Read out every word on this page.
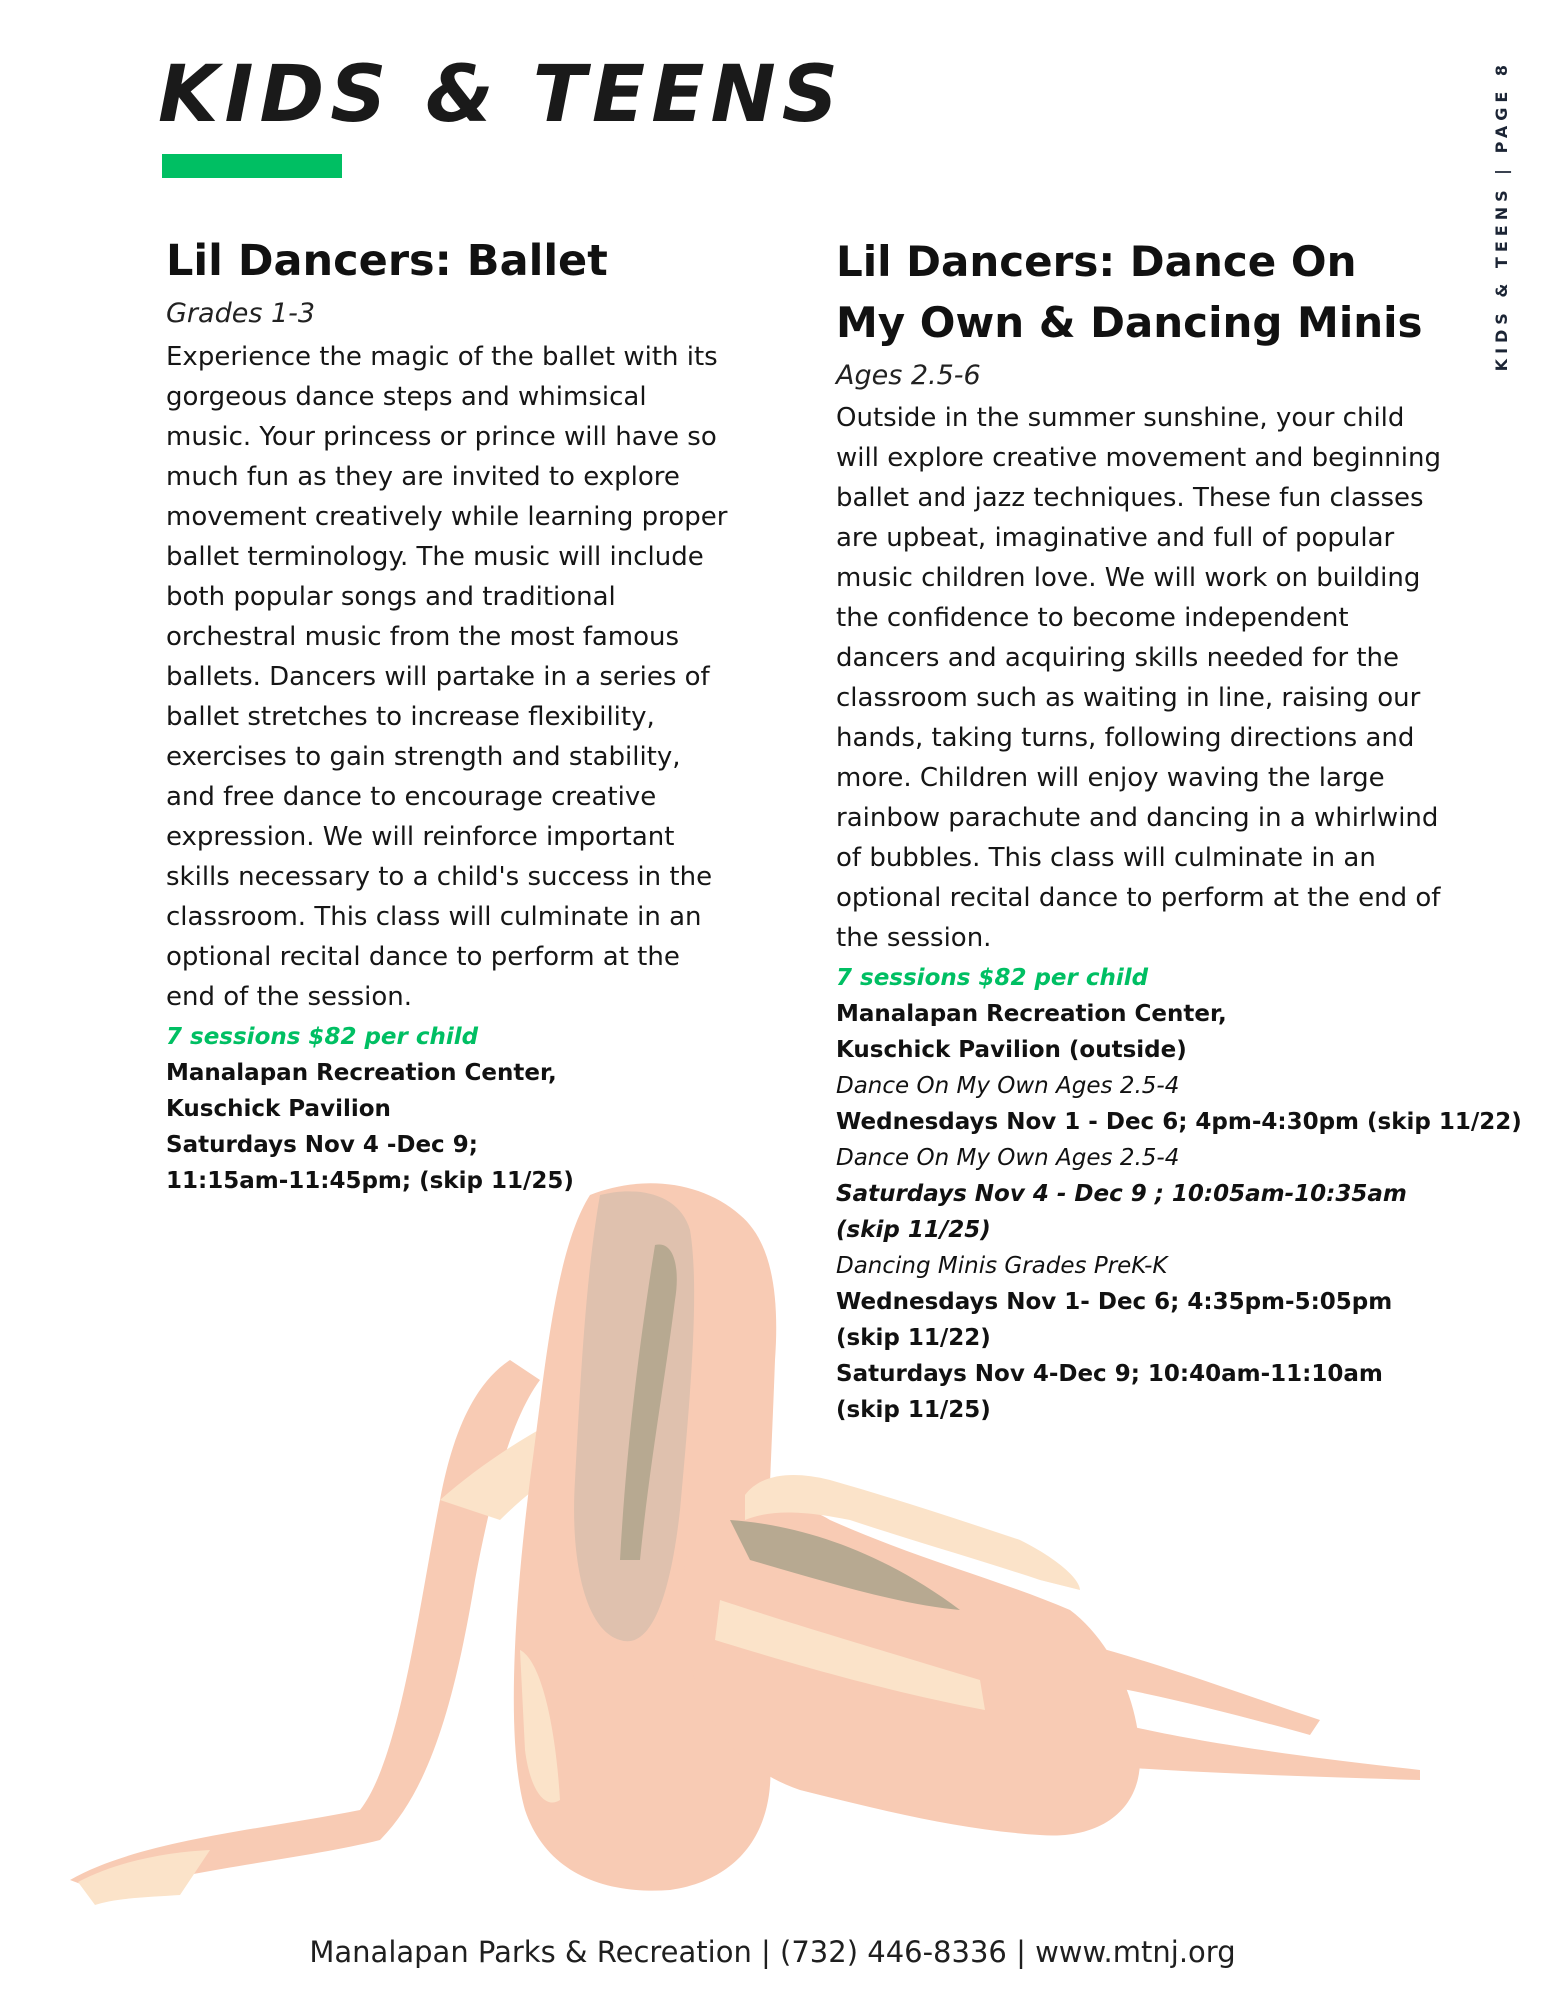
KIDS & TEENS	KIDS & TEENS | PAGE 8
Lil Dancers: Ballet
Grades 1-3
Experience the magic of the ballet with its gorgeous dance steps and whimsical music. Your princess or prince will have so much fun as they are invited to explore movement creatively while learning proper ballet terminology. The music will include both popular songs and traditional orchestral music from the most famous ballets. Dancers will partake in a series of ballet stretches to increase flexibility, exercises to gain strength and stability, and free dance to encourage creative expression. We will reinforce important skills necessary to a child's success in the classroom. This class will culminate in an optional recital dance to perform at the end of the session.
7 sessions $82 per child
Manalapan Recreation Center,
Kuschick Pavilion
Saturdays Nov 4 -Dec 9;
11:15am-11:45pm; (skip 11/25)
Lil Dancers: Dance On
My Own & Dancing Minis
Ages 2.5-6
Outside in the summer sunshine, your child will explore creative movement and beginning ballet and jazz techniques. These fun classes are upbeat, imaginative and full of popular music children love. We will work on building the confidence to become independent dancers and acquiring skills needed for the classroom such as waiting in line, raising our hands, taking turns, following directions and more. Children will enjoy waving the large rainbow parachute and dancing in a whirlwind of bubbles. This class will culminate in an optional recital dance to perform at the end of the session.
7 sessions $82 per child
Manalapan Recreation Center,
Kuschick Pavilion (outside)
Dance On My Own Ages 2.5-4
Wednesdays Nov 1 - Dec 6; 4pm-4:30pm (skip 11/22)
Dance On My Own Ages 2.5-4
Saturdays Nov 4 - Dec 9 ; 10:05am-10:35am
(skip 11/25)
Dancing Minis Grades PreK-K
Wednesdays Nov 1- Dec 6; 4:35pm-5:05pm
(skip 11/22)
Saturdays Nov 4-Dec 9; 10:40am-11:10am
(skip 11/25)
Manalapan Parks & Recreation | (732) 446-8336 | www.mtnj.org
